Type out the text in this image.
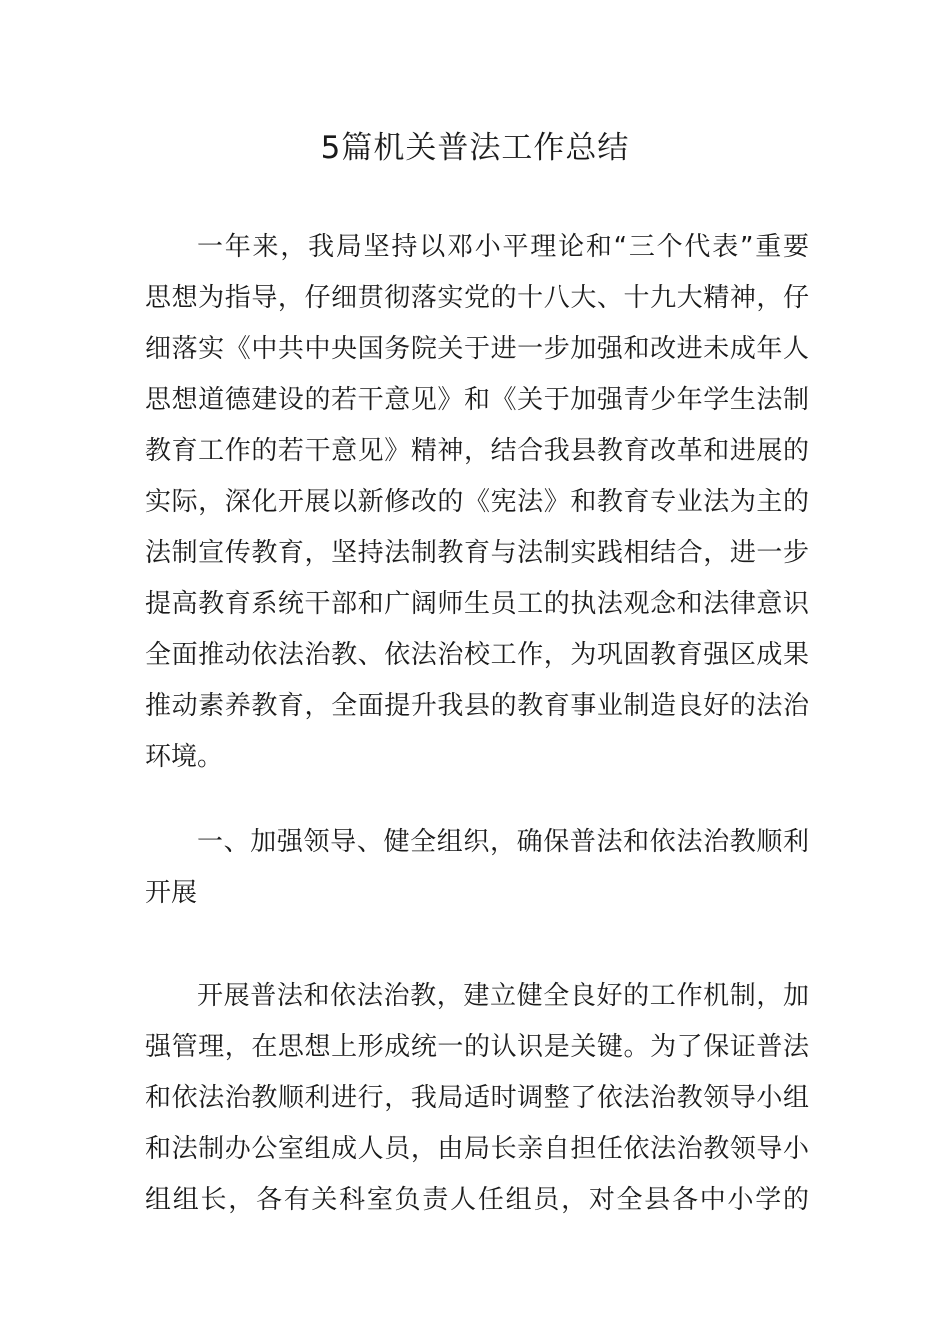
5篇机关普法工作总结
一年来，我局坚持以邓小平理论和“三个代表”重要
思想为指导，仔细贯彻落实党的十八大、十九大精神，仔
细落实《中共中央国务院关于进一步加强和改进未成年人
思想道德建设的若干意见》和《关于加强青少年学生法制
教育工作的若干意见》精神，结合我县教育改革和进展的
实际，深化开展以新修改的《宪法》和教育专业法为主的
法制宣传教育，坚持法制教育与法制实践相结合，进一步
提高教育系统干部和广阔师生员工的执法观念和法律意识
全面推动依法治教、依法治校工作，为巩固教育强区成果
推动素养教育，全面提升我县的教育事业制造良好的法治
环境。
一、加强领导、健全组织，确保普法和依法治教顺利
开展
开展普法和依法治教，建立健全良好的工作机制，加
强管理，在思想上形成统一的认识是关键。为了保证普法
和依法治教顺利进行，我局适时调整了依法治教领导小组
和法制办公室组成人员，由局长亲自担任依法治教领导小
组组长，各有关科室负责人任组员，对全县各中小学的
